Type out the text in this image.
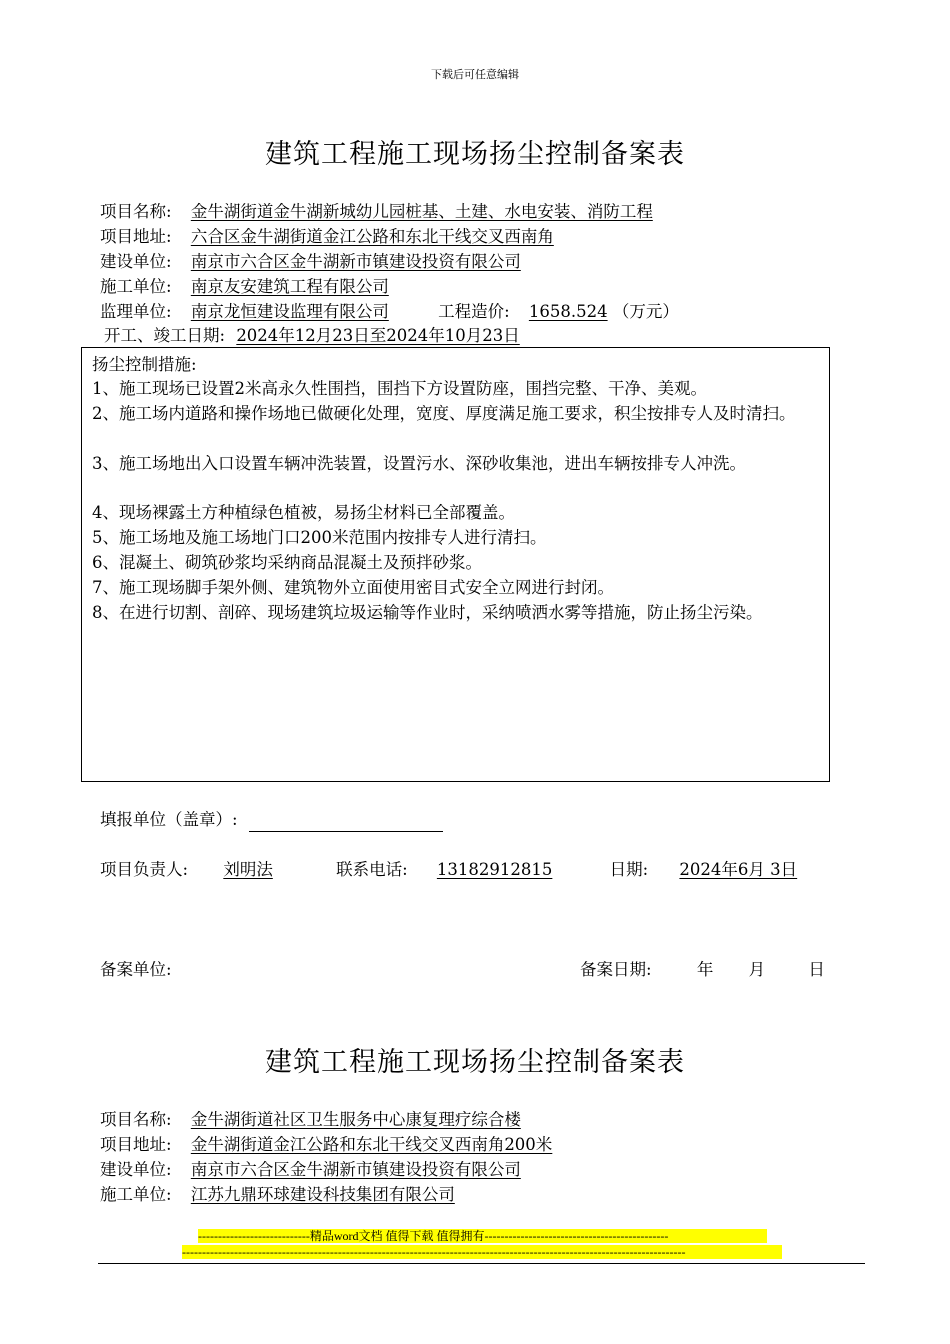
下载后可任意编辑
建筑工程施工现场扬尘控制备案表
项目名称: 金牛湖街道金牛湖新城幼儿园桩基、土建、水电安装、消防工程
项目地址: 六合区金牛湖街道金江公路和东北干线交叉西南角
建设单位: 南京市六合区金牛湖新市镇建设投资有限公司
施工单位: 南京友安建筑工程有限公司
监理单位: 南京龙恒建设监理有限公司	工程造价: 1658.524 （万元）
开工、竣工日期: 2024年12月23日至2024年10月23日
扬尘控制措施:
1、施工现场已设置2米高永久性围挡，围挡下方设置防座，围挡完整、干净、美观。
2、施工场内道路和操作场地已做硬化处理，宽度、厚度满足施工要求，积尘按排专人及时清扫。
3、施工场地出入口设置车辆冲洗装置，设置污水、深砂收集池，进出车辆按排专人冲洗。
4、现场裸露土方种植绿色植被，易扬尘材料已全部覆盖。
5、施工场地及施工场地门口200米范围内按排专人进行清扫。
6、混凝土、砌筑砂浆均采纳商品混凝土及预拌砂浆。
7、施工现场脚手架外侧、建筑物外立面使用密目式安全立网进行封闭。
8、在进行切割、剖碎、现场建筑垃圾运输等作业时，采纳喷洒水雾等措施，防止扬尘污染。
填报单位（盖章）:
项目负责人: 刘明法	联系电话: 13182912815	日期: 2024年6月 3日
备案单位:	备案日期:	年 月	日
建筑工程施工现场扬尘控制备案表
项目名称: 金牛湖街道社区卫生服务中心康复理疗综合楼
项目地址: 金牛湖街道金江公路和东北干线交叉西南角200米
建设单位: 南京市六合区金牛湖新市镇建设投资有限公司
施工单位: 江苏九鼎环球建设科技集团有限公司
----------------------------精品word文档 值得下载 值得拥有----------------------------------------------
------------------------------------------------------------------------------------------------------------------------------
